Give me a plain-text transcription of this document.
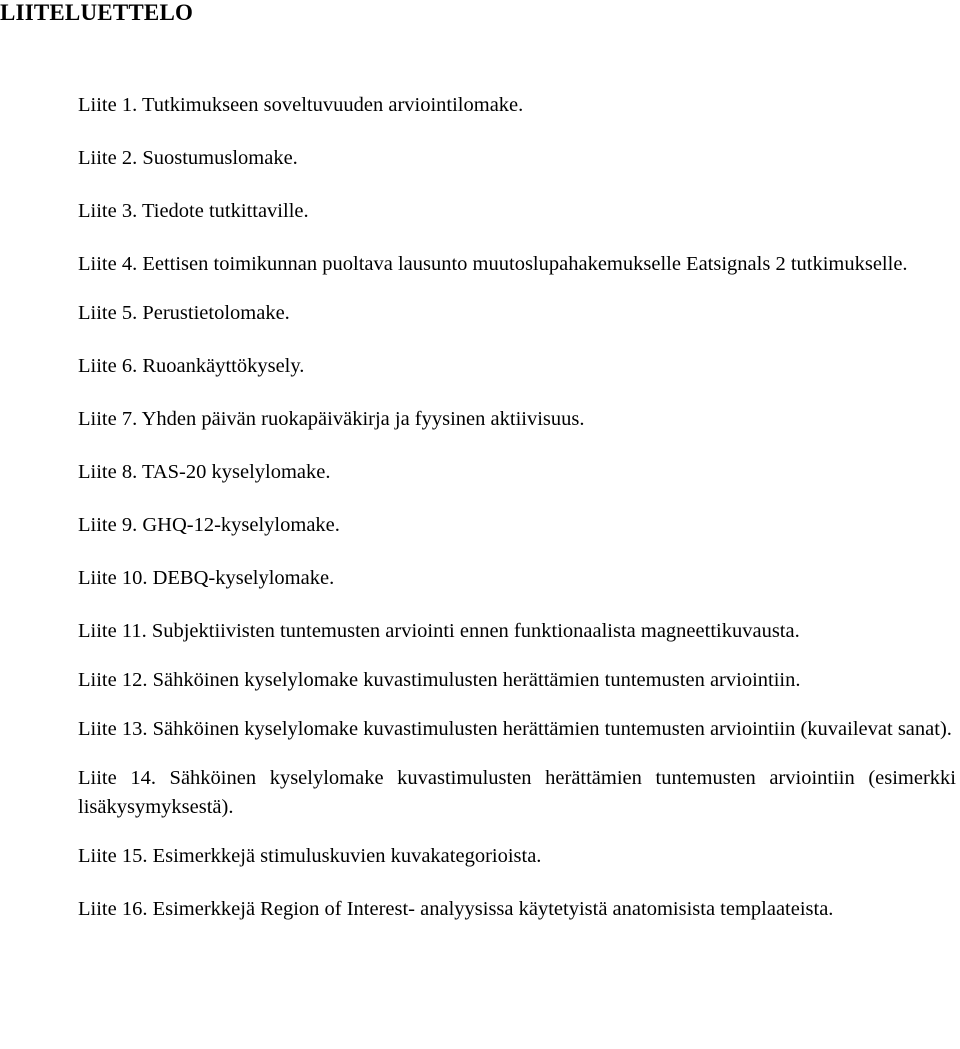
LIITELUETTELO

Liite 1. Tutkimukseen soveltuvuuden arviointilomake.

Liite 2. Suostumuslomake.

Liite 3. Tiedote tutkittaville.

Liite 4. Eettisen toimikunnan puoltava lausunto muutoslupahakemukselle Eatsignals 2 tutkimukselle.

Liite 5. Perustietolomake.

Liite 6. Ruoankäyttökysely.

Liite 7. Yhden päivän ruokapäiväkirja ja fyysinen aktiivisuus.

Liite 8. TAS-20 kyselylomake.

Liite 9. GHQ-12-kyselylomake.

Liite 10. DEBQ-kyselylomake.

Liite 11. Subjektiivisten tuntemusten arviointi ennen funktionaalista magneettikuvausta.

Liite 12. Sähköinen kyselylomake kuvastimulusten herättämien tuntemusten arviointiin.

Liite 13. Sähköinen kyselylomake kuvastimulusten herättämien tuntemusten arviointiin (kuvailevat sanat).

Liite 14. Sähköinen kyselylomake kuvastimulusten herättämien tuntemusten arviointiin (esimerkki lisäkysymyksestä).

Liite 15. Esimerkkejä stimuluskuvien kuvakategorioista.

Liite 16. Esimerkkejä Region of Interest- analyysissa käytetyistä anatomisista templaateista.
